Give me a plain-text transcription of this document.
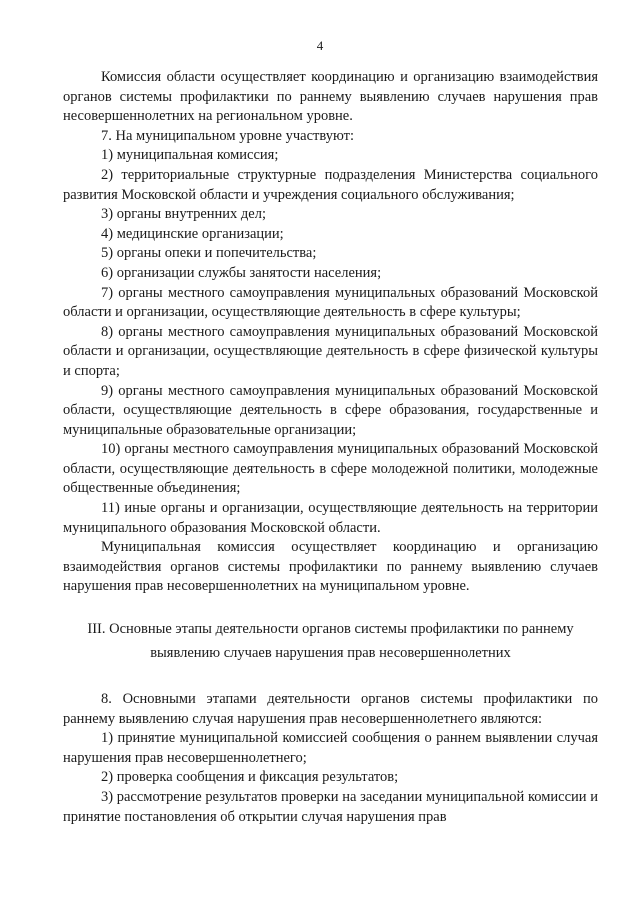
4

Комиссия области осуществляет координацию и организацию взаимодействия органов системы профилактики по раннему выявлению случаев нарушения прав несовершеннолетних на региональном уровне.

7. На муниципальном уровне участвуют:

1) муниципальная комиссия;

2) территориальные структурные подразделения Министерства социального развития Московской области и учреждения социального обслуживания;

3) органы внутренних дел;

4) медицинские организации;

5) органы опеки и попечительства;

6) организации службы занятости населения;

7) органы местного самоуправления муниципальных образований Московской области и организации, осуществляющие деятельность в сфере культуры;

8) органы местного самоуправления муниципальных образований Московской области и организации, осуществляющие деятельность в сфере физической культуры и спорта;

9) органы местного самоуправления муниципальных образований Московской области, осуществляющие деятельность в сфере образования, государственные и муниципальные образовательные организации;

10) органы местного самоуправления муниципальных образований Московской области, осуществляющие деятельность в сфере молодежной политики, молодежные общественные объединения;

11) иные органы и организации, осуществляющие деятельность на территории муниципального образования Московской области.

Муниципальная комиссия осуществляет координацию и организацию взаимодействия органов системы профилактики по раннему выявлению случаев нарушения прав несовершеннолетних на муниципальном уровне.

III. Основные этапы деятельности органов системы профилактики по раннему выявлению случаев нарушения прав несовершеннолетних

8. Основными этапами деятельности органов системы профилактики по раннему выявлению случая нарушения прав несовершеннолетнего являются:

1) принятие муниципальной комиссией сообщения о раннем выявлении случая нарушения прав несовершеннолетнего;

2) проверка сообщения и фиксация результатов;

3) рассмотрение результатов проверки на заседании муниципальной комиссии и принятие постановления об открытии случая нарушения прав
